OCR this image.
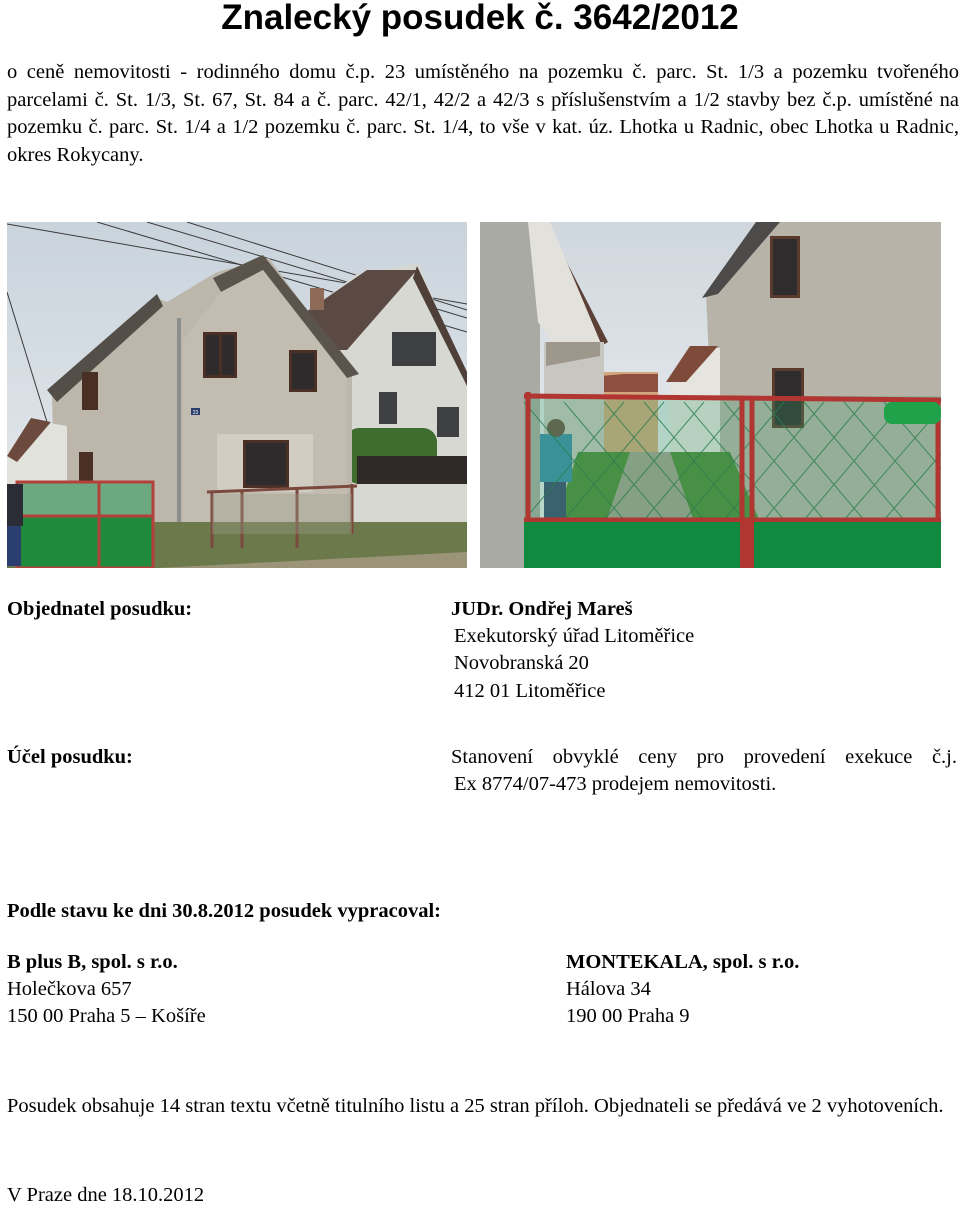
Znalecký posudek č. 3642/2012

o ceně nemovitosti - rodinného domu č.p. 23 umístěného na pozemku č. parc. St. 1/3 a pozemku tvořeného parcelami č. St. 1/3, St. 67, St. 84 a č. parc. 42/1, 42/2 a 42/3 s příslušenstvím a 1/2 stavby bez č.p. umístěné na pozemku č. parc. St. 1/4 a 1/2 pozemku č. parc. St. 1/4, to vše v kat. úz. Lhotka u Radnic, obec Lhotka u Radnic, okres Rokycany.

23
Objednatel posudku:	JUDr. Ondřej Mareš
Exekutorský úřad Litoměřice
Novobranská 20
412 01 Litoměřice
Účel posudku:	Stanovení obvyklé ceny pro provedení exekuce č.j.
Ex 8774/07-473 prodejem nemovitosti.
Podle stavu ke dni 30.8.2012 posudek vypracoval:
B plus B, spol. s r.o.
Holečkova 657
150 00 Praha 5 – Košíře
MONTEKALA, spol. s r.o.
Hálova 34
190 00 Praha 9

Posudek obsahuje 14 stran textu včetně titulního listu a 25 stran příloh. Objednateli se předává ve 2 vyhotoveních.

V Praze dne 18.10.2012
